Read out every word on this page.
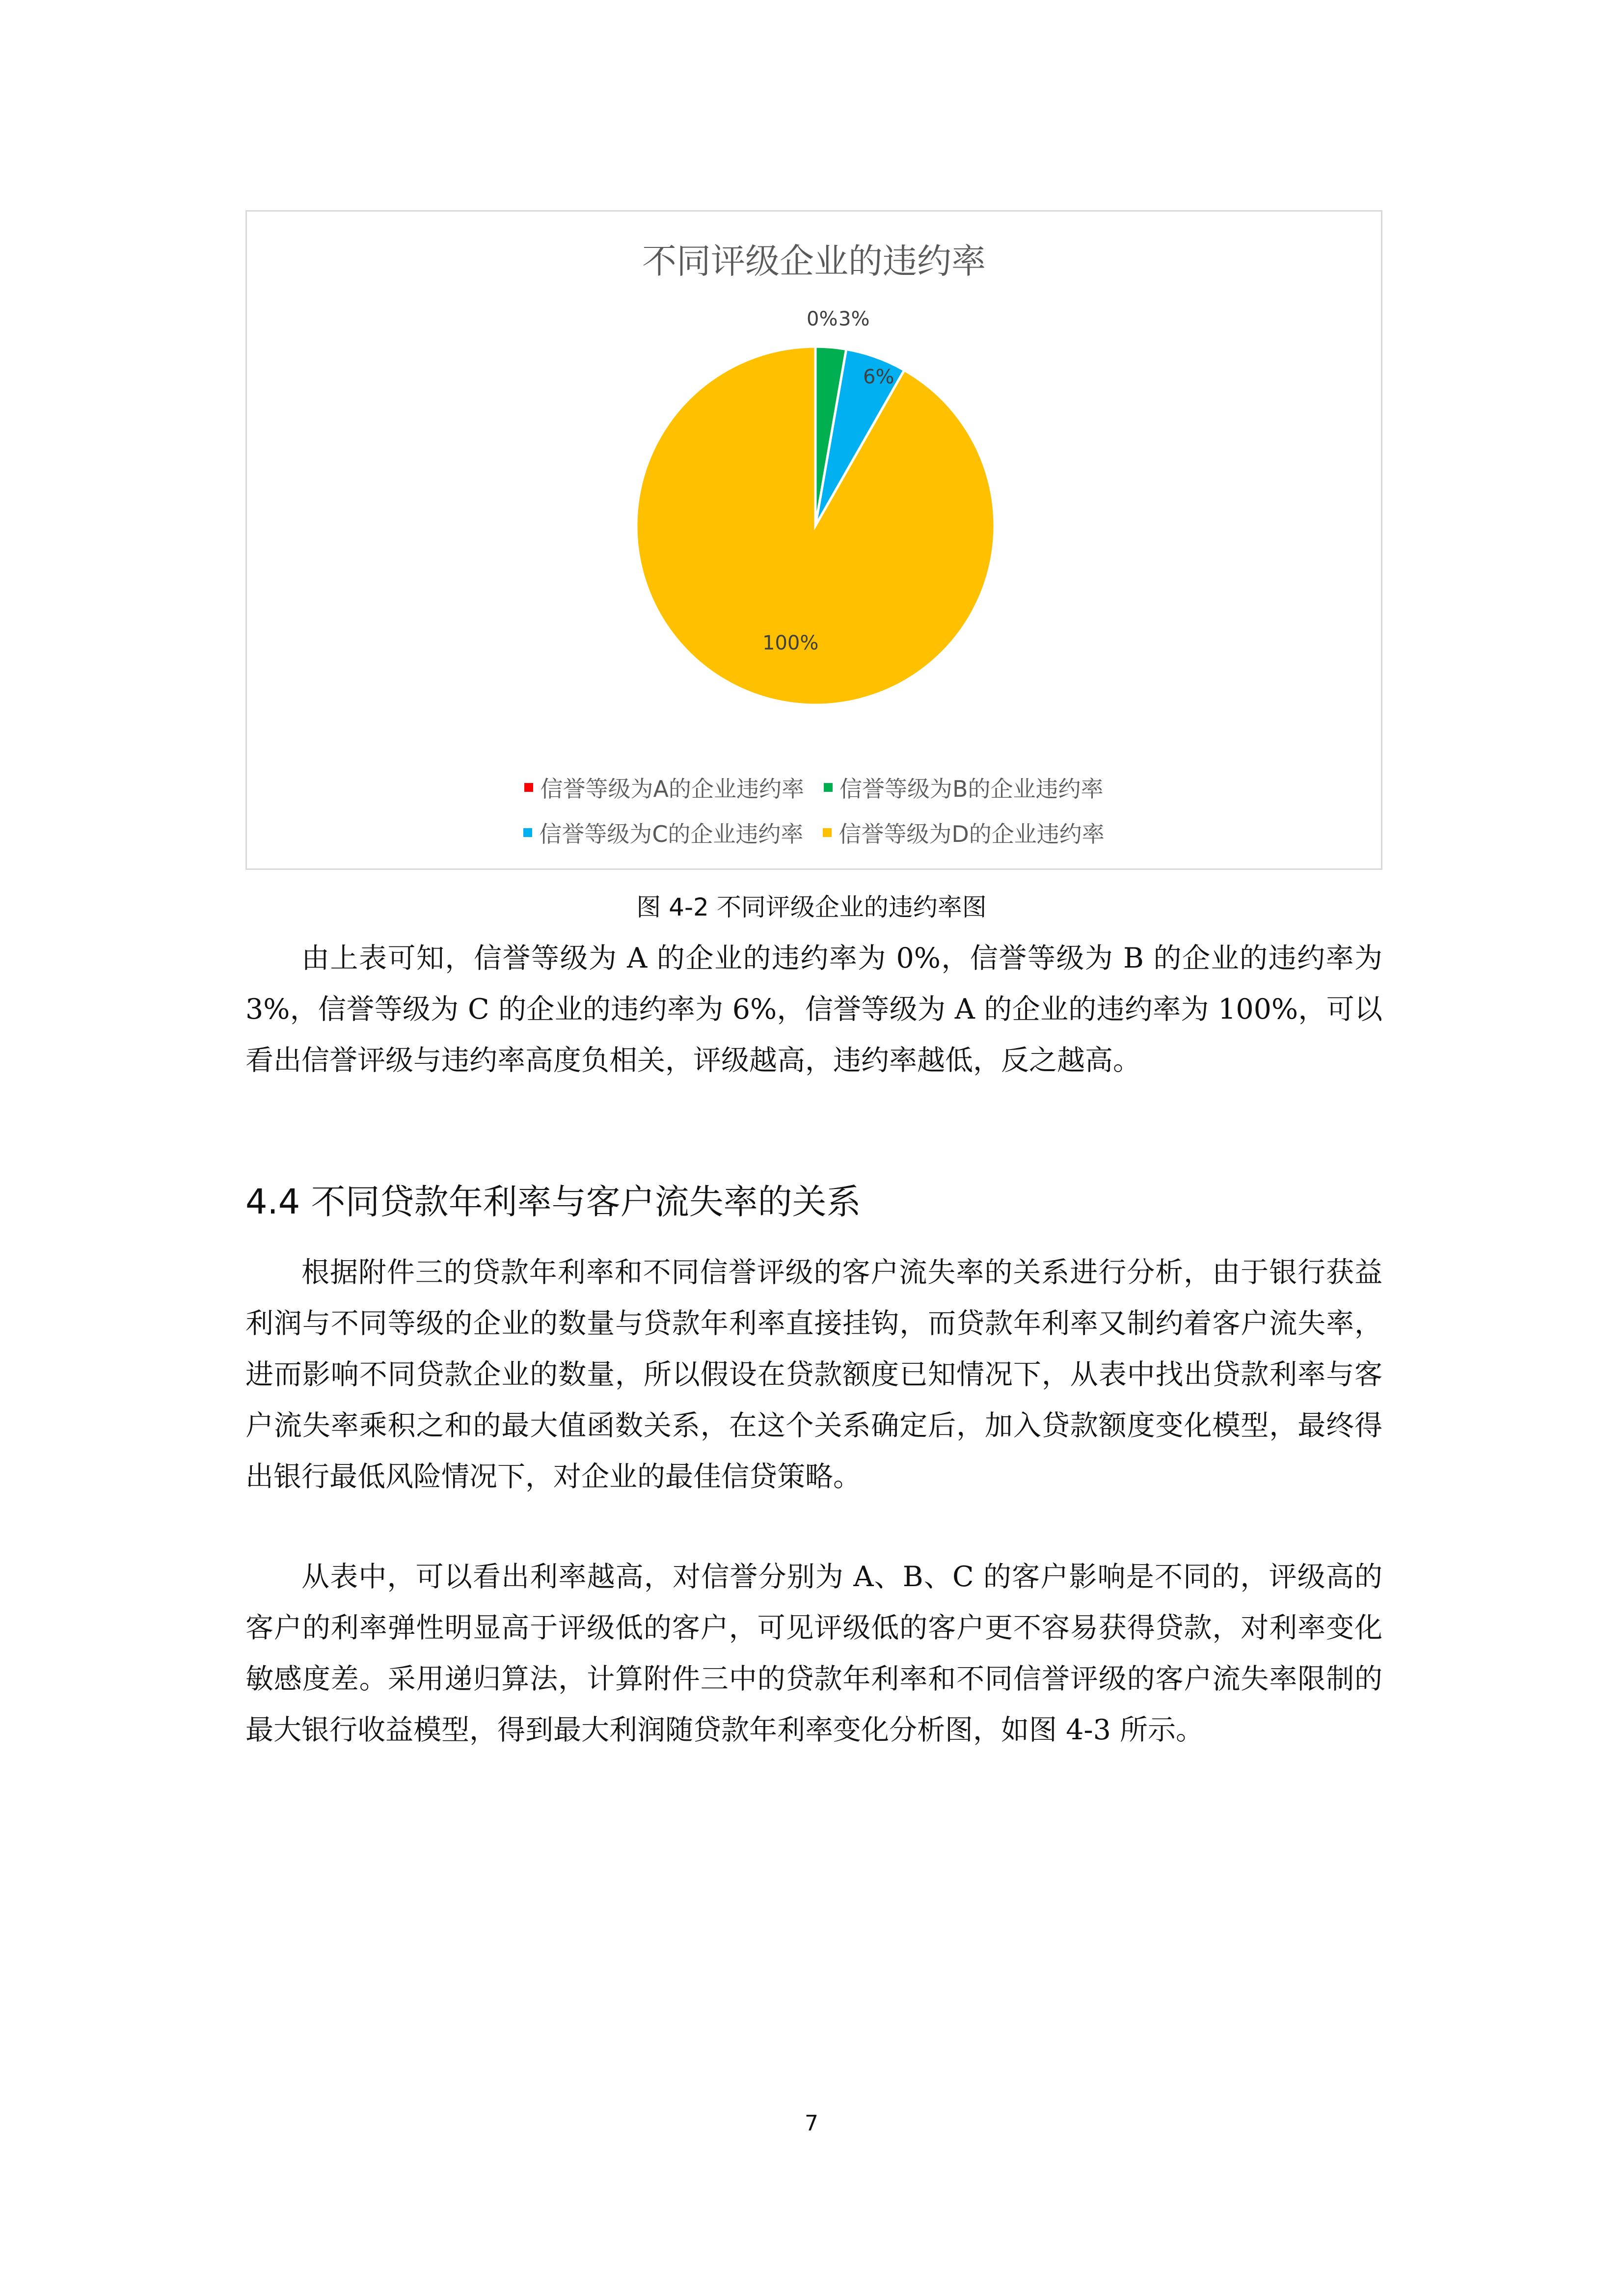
不同评级企业的违约率
0% 3%
6%
100%
信誉等级为A的企业违约率 信誉等级为B的企业违约率
信誉等级为C的企业违约率 信誉等级为D的企业违约率
图 4-2 不同评级企业的违约率图

由上表可知，信誉等级为 A 的企业的违约率为 0%，信誉等级为 B 的企业的违约率为 3%，信誉等级为 C 的企业的违约率为 6%，信誉等级为 A 的企业的违约率为 100%，可以看出信誉评级与违约率高度负相关，评级越高，违约率越低，反之越高。

4.4 不同贷款年利率与客户流失率的关系

根据附件三的贷款年利率和不同信誉评级的客户流失率的关系进行分析，由于银行获益利润与不同等级的企业的数量与贷款年利率直接挂钩，而贷款年利率又制约着客户流失率，进而影响不同贷款企业的数量，所以假设在贷款额度已知情况下，从表中找出贷款利率与客户流失率乘积之和的最大值函数关系，在这个关系确定后，加入贷款额度变化模型，最终得出银行最低风险情况下，对企业的最佳信贷策略。

从表中，可以看出利率越高，对信誉分别为 A、B、C 的客户影响是不同的，评级高的客户的利率弹性明显高于评级低的客户，可见评级低的客户更不容易获得贷款，对利率变化敏感度差。采用递归算法，计算附件三中的贷款年利率和不同信誉评级的客户流失率限制的最大银行收益模型，得到最大利润随贷款年利率变化分析图，如图 4-3 所示。

7
